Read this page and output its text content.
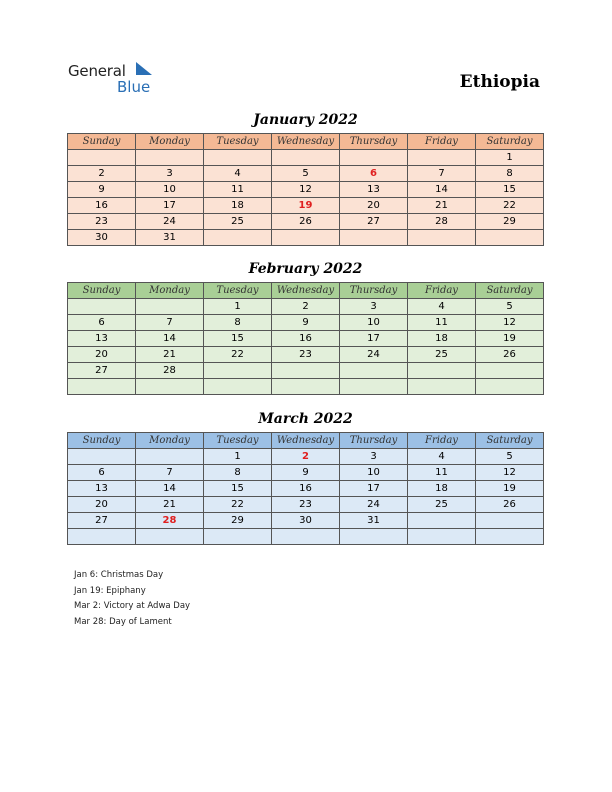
General
Blue	Ethiopia
January 2022
Sunday	Monday	Tuesday	Wednesday	Thursday	Friday	Saturday
						1
2	3	4	5	6	7	8
9	10	11	12	13	14	15
16	17	18	19	20	21	22
23	24	25	26	27	28	29
30	31					
February 2022
Sunday	Monday	Tuesday	Wednesday	Thursday	Friday	Saturday
		1	2	3	4	5
6	7	8	9	10	11	12
13	14	15	16	17	18	19
20	21	22	23	24	25	26
27	28					

March 2022
Sunday	Monday	Tuesday	Wednesday	Thursday	Friday	Saturday
		1	2	3	4	5
6	7	8	9	10	11	12
13	14	15	16	17	18	19
20	21	22	23	24	25	26
27	28	29	30	31		

Jan 6: Christmas Day
Jan 19: Epiphany
Mar 2: Victory at Adwa Day
Mar 28: Day of Lament
